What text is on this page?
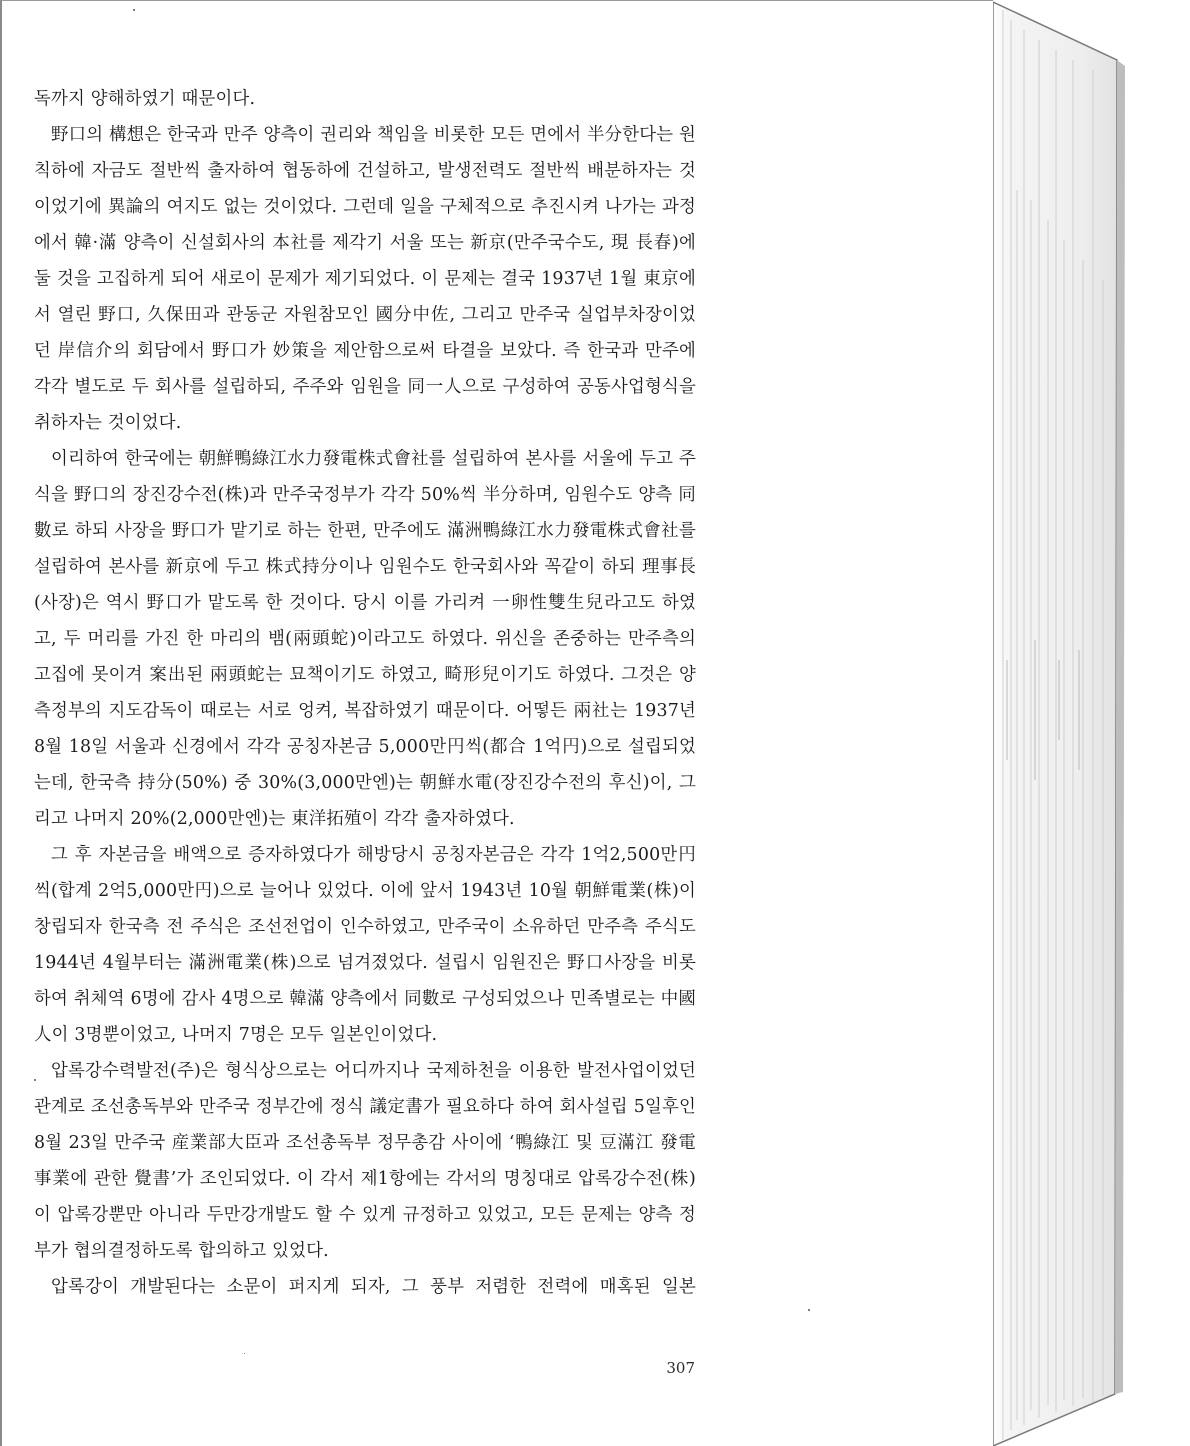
독까지 양해하였기 때문이다.

野口의 構想은 한국과 만주 양측이 권리와 책임을 비롯한 모든 면에서 半分한다는 원칙하에 자금도 절반씩 출자하여 협동하에 건설하고, 발생전력도 절반씩 배분하자는 것이었기에 異論의 여지도 없는 것이었다. 그런데 일을 구체적으로 추진시켜 나가는 과정에서 韓·滿 양측이 신설회사의 本社를 제각기 서울 또는 新京(만주국수도, 現 長春)에 둘 것을 고집하게 되어 새로이 문제가 제기되었다. 이 문제는 결국 1937년 1월 東京에서 열린 野口, 久保田과 관동군 자원참모인 國分中佐, 그리고 만주국 실업부차장이었던 岸信介의 회담에서 野口가 妙策을 제안함으로써 타결을 보았다. 즉 한국과 만주에 각각 별도로 두 회사를 설립하되, 주주와 임원을 同一人으로 구성하여 공동사업형식을 취하자는 것이었다.

이리하여 한국에는 朝鮮鴨綠江水力發電株式會社를 설립하여 본사를 서울에 두고 주식을 野口의 장진강수전(株)과 만주국정부가 각각 50%씩 半分하며, 임원수도 양측 同數로 하되 사장을 野口가 맡기로 하는 한편, 만주에도 滿洲鴨綠江水力發電株式會社를 설립하여 본사를 新京에 두고 株式持分이나 임원수도 한국회사와 꼭같이 하되 理事長(사장)은 역시 野口가 맡도록 한 것이다. 당시 이를 가리켜 一卵性雙生兒라고도 하였고, 두 머리를 가진 한 마리의 뱀(兩頭蛇)이라고도 하였다. 위신을 존중하는 만주측의 고집에 못이겨 案出된 兩頭蛇는 묘책이기도 하였고, 畸形兒이기도 하였다. 그것은 양측정부의 지도감독이 때로는 서로 엉켜, 복잡하였기 때문이다. 어떻든 兩社는 1937년 8월 18일 서울과 신경에서 각각 공칭자본금 5,000만円씩(都合 1억円)으로 설립되었는데, 한국측 持分(50%) 중 30%(3,000만엔)는 朝鮮水電(장진강수전의 후신)이, 그리고 나머지 20%(2,000만엔)는 東洋拓殖이 각각 출자하였다.

그 후 자본금을 배액으로 증자하였다가 해방당시 공칭자본금은 각각 1억2,500만円씩(합계 2억5,000만円)으로 늘어나 있었다. 이에 앞서 1943년 10월 朝鮮電業(株)이 창립되자 한국측 전 주식은 조선전업이 인수하였고, 만주국이 소유하던 만주측 주식도 1944년 4월부터는 滿洲電業(株)으로 넘겨졌었다. 설립시 임원진은 野口사장을 비롯하여 취체역 6명에 감사 4명으로 韓滿 양측에서 同數로 구성되었으나 민족별로는 中國人이 3명뿐이었고, 나머지 7명은 모두 일본인이었다.

압록강수력발전(주)은 형식상으로는 어디까지나 국제하천을 이용한 발전사업이었던 관계로 조선총독부와 만주국 정부간에 정식 議定書가 필요하다 하여 회사설립 5일후인 8월 23일 만주국 産業部大臣과 조선총독부 정무총감 사이에 ‘鴨綠江 및 豆滿江 發電事業에 관한 覺書’가 조인되었다. 이 각서 제1항에는 각서의 명칭대로 압록강수전(株)이 압록강뿐만 아니라 두만강개발도 할 수 있게 규정하고 있었고, 모든 문제는 양측 정부가 협의결정하도록 합의하고 있었다.

압록강이 개발된다는 소문이 퍼지게 되자, 그 풍부 저렴한 전력에 매혹된 일본

307
